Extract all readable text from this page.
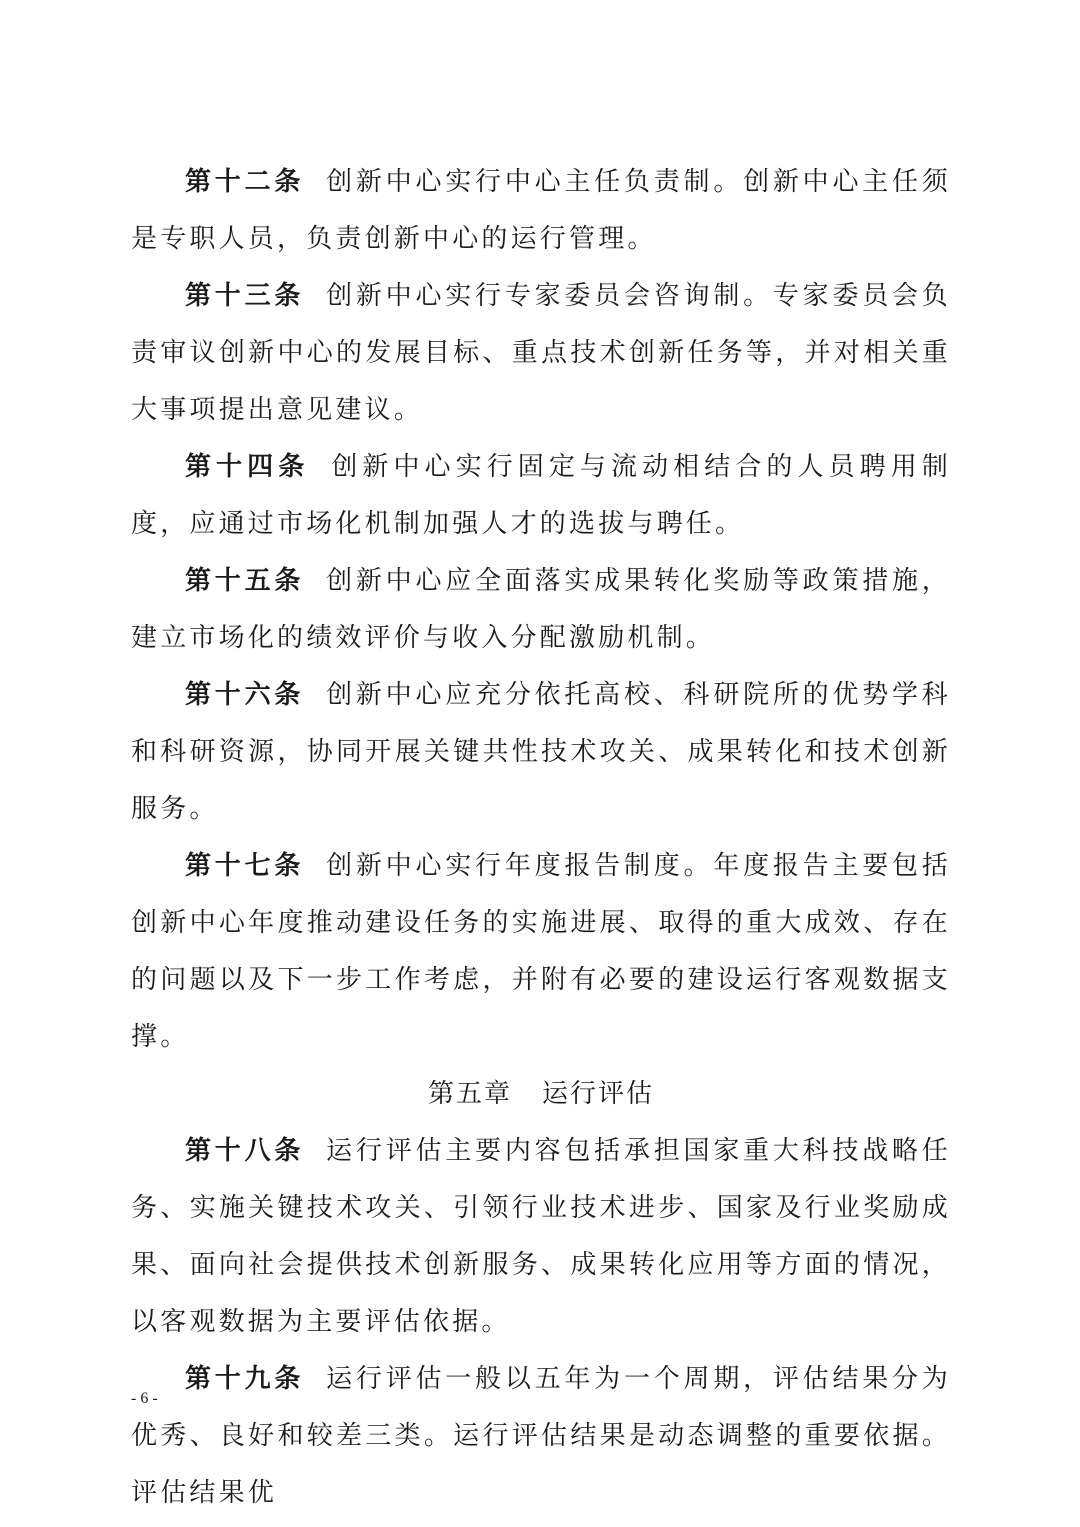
第十二条 创新中心实行中心主任负责制。创新中心主任须是专职人员，负责创新中心的运行管理。

第十三条 创新中心实行专家委员会咨询制。专家委员会负责审议创新中心的发展目标、重点技术创新任务等，并对相关重大事项提出意见建议。

第十四条 创新中心实行固定与流动相结合的人员聘用制度，应通过市场化机制加强人才的选拔与聘任。

第十五条 创新中心应全面落实成果转化奖励等政策措施，建立市场化的绩效评价与收入分配激励机制。

第十六条 创新中心应充分依托高校、科研院所的优势学科和科研资源，协同开展关键共性技术攻关、成果转化和技术创新服务。

第十七条 创新中心实行年度报告制度。年度报告主要包括创新中心年度推动建设任务的实施进展、取得的重大成效、存在的问题以及下一步工作考虑，并附有必要的建设运行客观数据支撑。

第五章 运行评估

第十八条 运行评估主要内容包括承担国家重大科技战略任务、实施关键技术攻关、引领行业技术进步、国家及行业奖励成果、面向社会提供技术创新服务、成果转化应用等方面的情况，以客观数据为主要评估依据。

第十九条 运行评估一般以五年为一个周期，评估结果分为优秀、良好和较差三类。运行评估结果是动态调整的重要依据。评估结果优

- 6 -
